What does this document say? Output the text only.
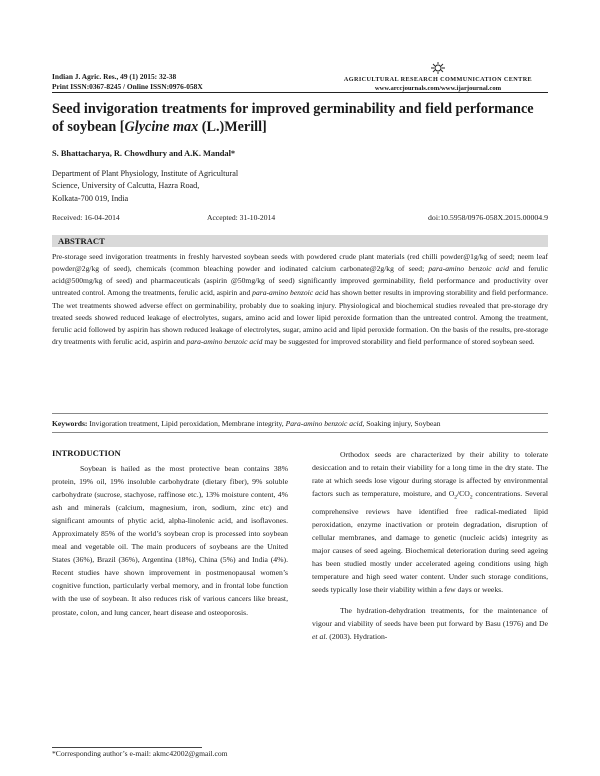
Indian J. Agric. Res., 49 (1) 2015: 32-38
Print ISSN:0367-8245 / Online ISSN:0976-058X
AGRICULTURAL RESEARCH COMMUNICATION CENTRE
www.arccjournals.com/www.ijarjournal.com
Seed invigoration treatments for improved germinability and field performance of soybean [Glycine max (L.)Merill]
S. Bhattacharya, R. Chowdhury and A.K. Mandal*
Department of Plant Physiology, Institute of Agricultural
Science, University of Calcutta, Hazra Road,
Kolkata-700 019, India
Received: 16-04-2014	Accepted: 31-10-2014	doi:10.5958/0976-058X.2015.00004.9
ABSTRACT
Pre-storage seed invigoration treatments in freshly harvested soybean seeds with powdered crude plant materials (red chilli powder@1g/kg of seed; neem leaf powder@2g/kg of seed), chemicals (common bleaching powder and iodinated calcium carbonate@2g/kg of seed; para-amino benzoic acid and ferulic acid@500mg/kg of seed) and pharmaceuticals (aspirin @50mg/kg of seed) significantly improved germinability, field performance and productivity over untreated control. Among the treatments, ferulic acid, aspirin and para-amino benzoic acid has shown better results in improving storability and field performance. The wet treatments showed adverse effect on germinability, probably due to soaking injury. Physiological and biochemical studies revealed that pre-storage dry treated seeds showed reduced leakage of electrolytes, sugars, amino acid and lower lipid peroxide formation than the untreated control. Among the treatment, ferulic acid followed by aspirin has shown reduced leakage of electrolytes, sugar, amino acid and lipid peroxide formation. On the basis of the results, pre-storage dry treatments with ferulic acid, aspirin and para-amino benzoic acid may be suggested for improved storability and field performance of stored soybean seed.
Keywords: Invigoration treatment, Lipid peroxidation, Membrane integrity, Para-amino benzoic acid, Soaking injury, Soybean
INTRODUCTION

Soybean is hailed as the most protective bean contains 38% protein, 19% oil, 19% insoluble carbohydrate (dietary fiber), 9% soluble carbohydrate (sucrose, stachyose, raffinose etc.), 13% moisture content, 4% ash and minerals (calcium, magnesium, iron, sodium, zinc etc) and significant amounts of phytic acid, alpha-linolenic acid, and isoflavones. Approximately 85% of the world’s soybean crop is processed into soybean meal and vegetable oil. The main producers of soybeans are the United States (36%), Brazil (36%), Argentina (18%), China (5%) and India (4%). Recent studies have shown improvement in postmenopausal women’s cognitive function, particularly verbal memory, and in frontal lobe function with the use of soybean. It also reduces risk of various cancers like breast, prostate, colon, and lung cancer, heart disease and osteoporosis.

Orthodox seeds are characterized by their ability to tolerate desiccation and to retain their viability for a long time in the dry state. The rate at which seeds lose vigour during storage is affected by environmental factors such as temperature, moisture, and $O_2/CO_2$ concentrations. Several comprehensive reviews have identified free radical-mediated lipid peroxidation, enzyme inactivation or protein degradation, disruption of cellular membranes, and damage to genetic (nucleic acids) integrity as major causes of seed ageing. Biochemical deterioration during seed ageing has been studied mostly under accelerated ageing conditions using high temperature and high seed water content. Under such storage conditions, seeds typically lose their viability within a few days or weeks.

The hydration-dehydration treatments, for the maintenance of vigour and viability of seeds have been put forward by Basu (1976) and De et al. (2003). Hydration-

*Corresponding author’s e-mail: akmc42002@gmail.com
